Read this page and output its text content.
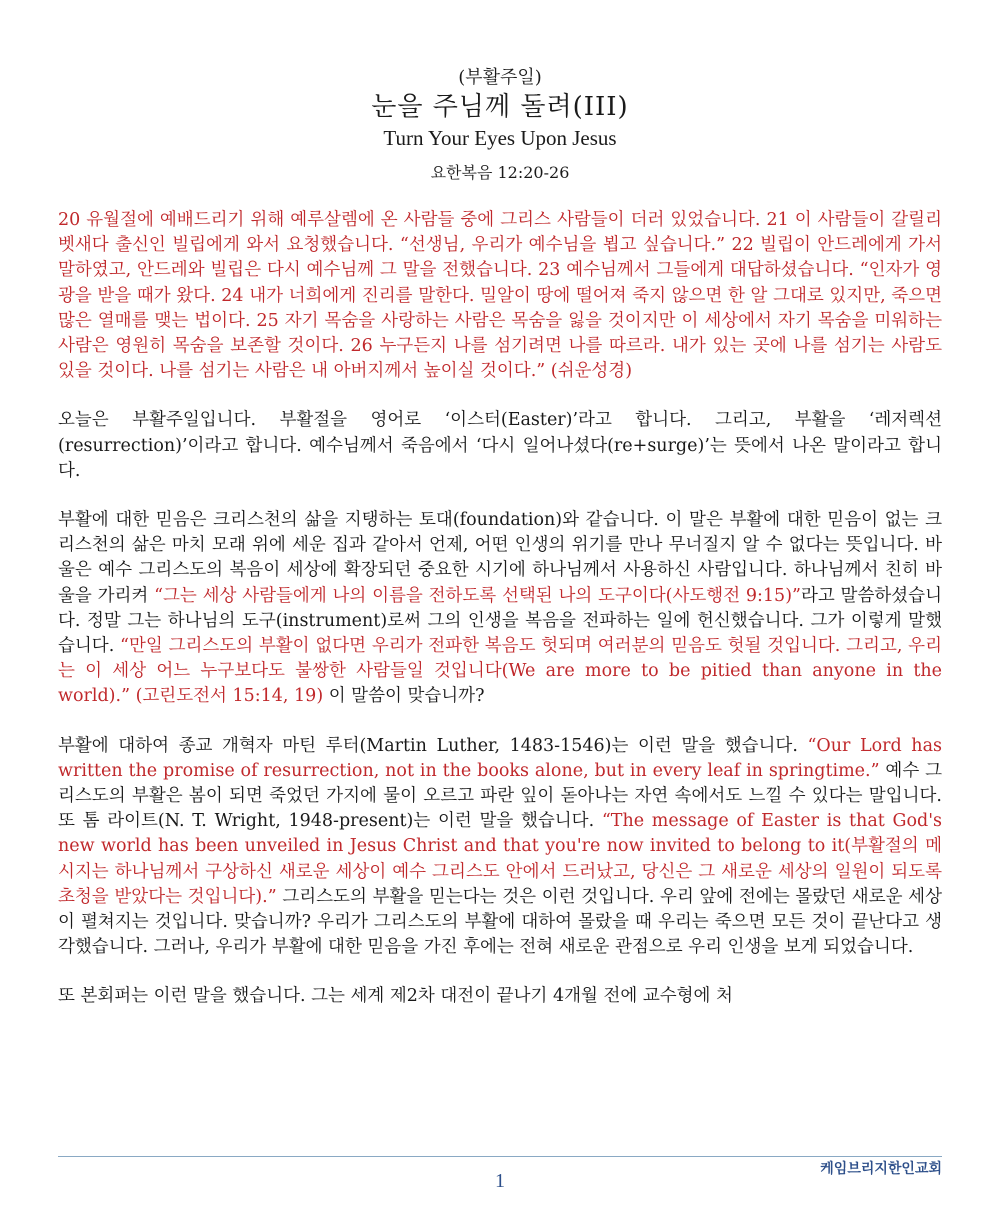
(부활주일)
눈을 주님께 돌려(III)
Turn Your Eyes Upon Jesus
요한복음 12:20-26

20 유월절에 예배드리기 위해 예루살렘에 온 사람들 중에 그리스 사람들이 더러 있었습니다. 21 이 사람들이 갈릴리 벳새다 출신인 빌립에게 와서 요청했습니다. “선생님, 우리가 예수님을 뵙고 싶습니다.” 22 빌립이 안드레에게 가서 말하였고, 안드레와 빌립은 다시 예수님께 그 말을 전했습니다. 23 예수님께서 그들에게 대답하셨습니다. “인자가 영광을 받을 때가 왔다. 24 내가 너희에게 진리를 말한다. 밀알이 땅에 떨어져 죽지 않으면 한 알 그대로 있지만, 죽으면 많은 열매를 맺는 법이다. 25 자기 목숨을 사랑하는 사람은 목숨을 잃을 것이지만 이 세상에서 자기 목숨을 미워하는 사람은 영원히 목숨을 보존할 것이다. 26 누구든지 나를 섬기려면 나를 따르라. 내가 있는 곳에 나를 섬기는 사람도 있을 것이다. 나를 섬기는 사람은 내 아버지께서 높이실 것이다.” (쉬운성경)

오늘은 부활주일입니다. 부활절을 영어로 ‘이스터(Easter)’라고 합니다. 그리고, 부활을 ‘레저렉션(resurrection)’이라고 합니다. 예수님께서 죽음에서 ‘다시 일어나셨다(re+surge)’는 뜻에서 나온 말이라고 합니다.

부활에 대한 믿음은 크리스천의 삶을 지탱하는 토대(foundation)와 같습니다. 이 말은 부활에 대한 믿음이 없는 크리스천의 삶은 마치 모래 위에 세운 집과 같아서 언제, 어떤 인생의 위기를 만나 무너질지 알 수 없다는 뜻입니다. 바울은 예수 그리스도의 복음이 세상에 확장되던 중요한 시기에 하나님께서 사용하신 사람입니다. 하나님께서 친히 바울을 가리켜 “그는 세상 사람들에게 나의 이름을 전하도록 선택된 나의 도구이다(사도행전 9:15)”라고 말씀하셨습니다. 정말 그는 하나님의 도구(instrument)로써 그의 인생을 복음을 전파하는 일에 헌신했습니다. 그가 이렇게 말했습니다. “만일 그리스도의 부활이 없다면 우리가 전파한 복음도 헛되며 여러분의 믿음도 헛될 것입니다. 그리고, 우리는 이 세상 어느 누구보다도 불쌍한 사람들일 것입니다(We are more to be pitied than anyone in the world).” (고린도전서 15:14, 19) 이 말씀이 맞습니까?

부활에 대하여 종교 개혁자 마틴 루터(Martin Luther, 1483-1546)는 이런 말을 했습니다. “Our Lord has written the promise of resurrection, not in the books alone, but in every leaf in springtime.” 예수 그리스도의 부활은 봄이 되면 죽었던 가지에 물이 오르고 파란 잎이 돋아나는 자연 속에서도 느낄 수 있다는 말입니다. 또 톰 라이트(N. T. Wright, 1948-present)는 이런 말을 했습니다. “The message of Easter is that God's new world has been unveiled in Jesus Christ and that you're now invited to belong to it(부활절의 메시지는 하나님께서 구상하신 새로운 세상이 예수 그리스도 안에서 드러났고, 당신은 그 새로운 세상의 일원이 되도록 초청을 받았다는 것입니다).” 그리스도의 부활을 믿는다는 것은 이런 것입니다. 우리 앞에 전에는 몰랐던 새로운 세상이 펼쳐지는 것입니다. 맞습니까? 우리가 그리스도의 부활에 대하여 몰랐을 때 우리는 죽으면 모든 것이 끝난다고 생각했습니다. 그러나, 우리가 부활에 대한 믿음을 가진 후에는 전혀 새로운 관점으로 우리 인생을 보게 되었습니다.

또 본회퍼는 이런 말을 했습니다. 그는 세계 제2차 대전이 끝나기 4개월 전에 교수형에 처

케임브리지한인교회
1
